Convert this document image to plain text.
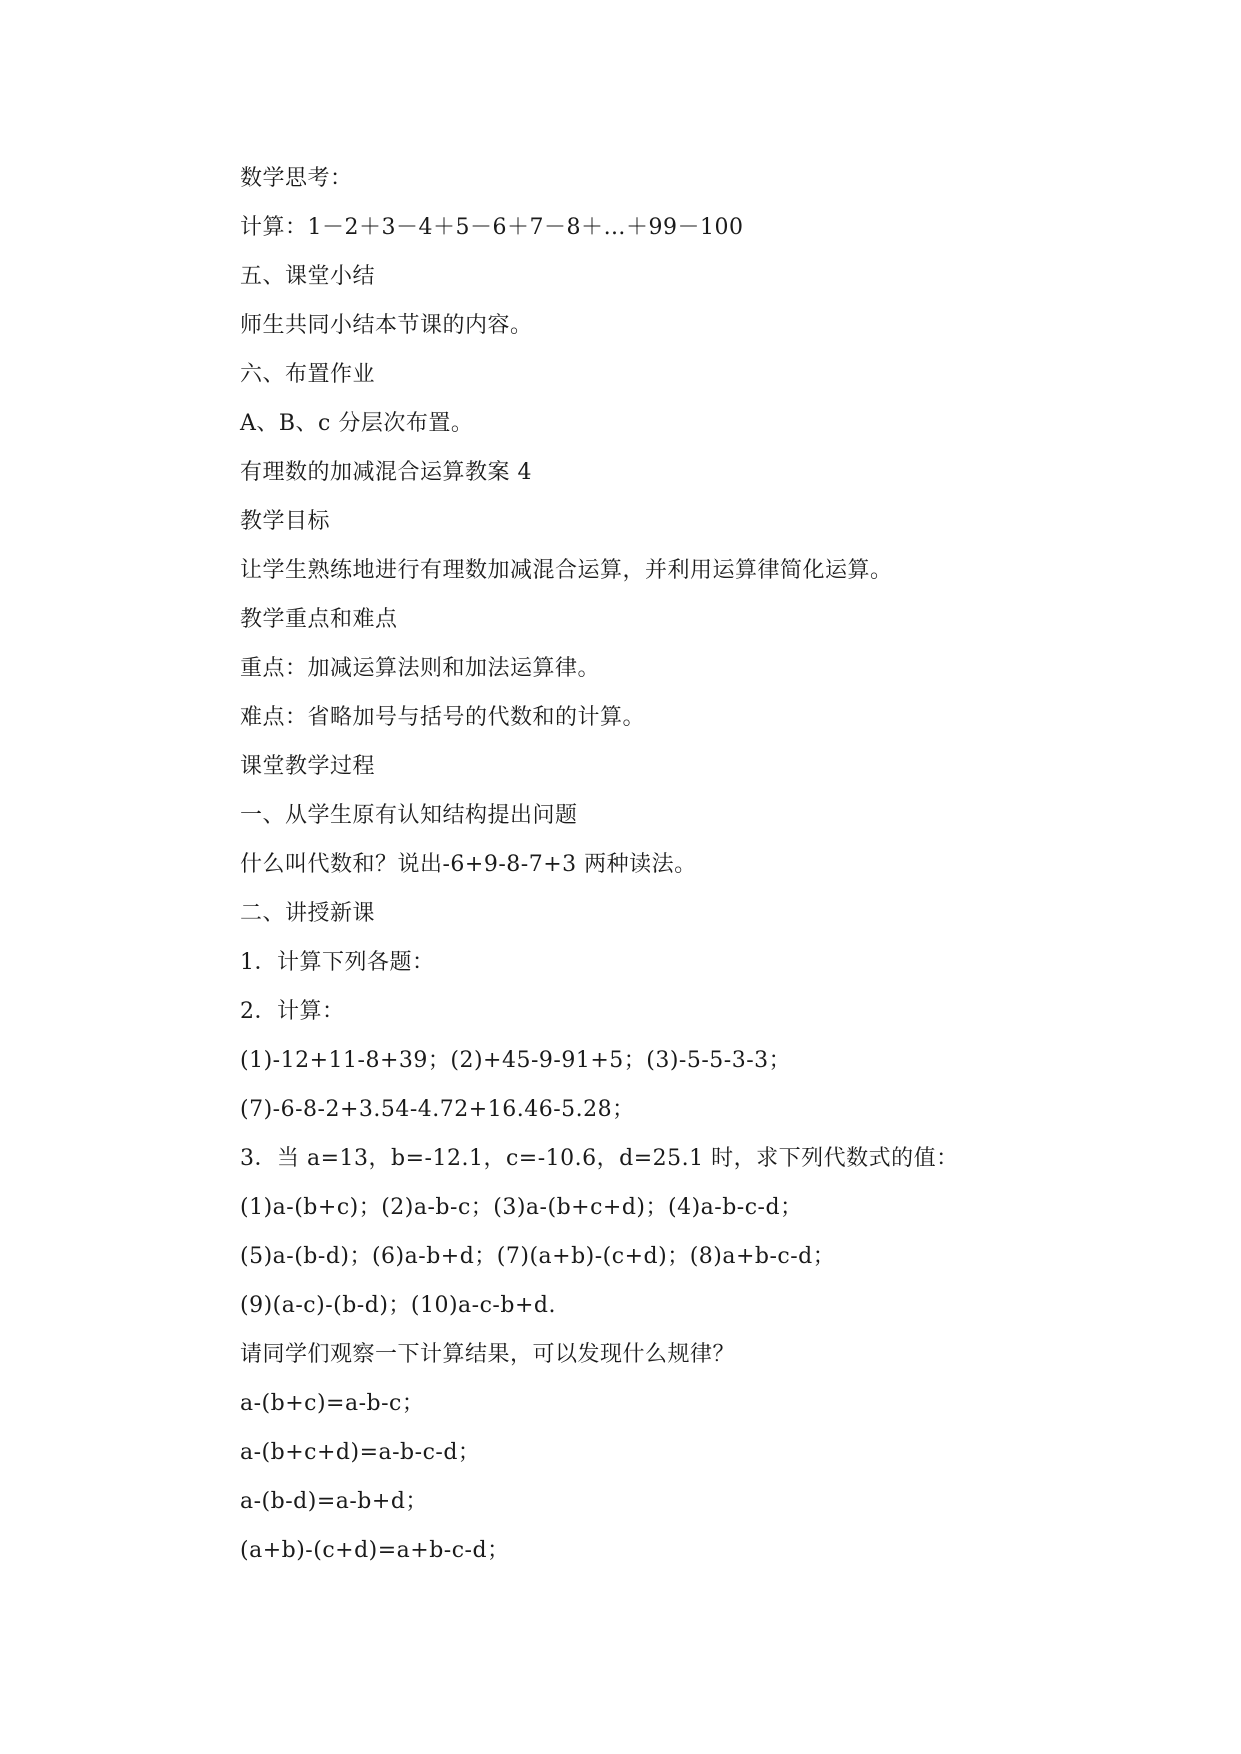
数学思考：
计算：1－2＋3－4＋5－6＋7－8＋…＋99－100
五、课堂小结
师生共同小结本节课的内容。
六、布置作业
A、B、c 分层次布置。
有理数的加减混合运算教案 4
教学目标
让学生熟练地进行有理数加减混合运算，并利用运算律简化运算。
教学重点和难点
重点：加减运算法则和加法运算律。
难点：省略加号与括号的代数和的计算。
课堂教学过程
一、从学生原有认知结构提出问题
什么叫代数和？说出-6+9-8-7+3 两种读法。
二、讲授新课
1．计算下列各题：
2．计算：
(1)-12+11-8+39；(2)+45-9-91+5；(3)-5-5-3-3；
(7)-6-8-2+3.54-4.72+16.46-5.28；
3．当 a=13，b=-12.1，c=-10.6，d=25.1 时，求下列代数式的值：
(1)a-(b+c)；(2)a-b-c；(3)a-(b+c+d)；(4)a-b-c-d；
(5)a-(b-d)；(6)a-b+d；(7)(a+b)-(c+d)；(8)a+b-c-d；
(9)(a-c)-(b-d)；(10)a-c-b+d.
请同学们观察一下计算结果，可以发现什么规律？
a-(b+c)=a-b-c；
a-(b+c+d)=a-b-c-d；
a-(b-d)=a-b+d；
(a+b)-(c+d)=a+b-c-d；
